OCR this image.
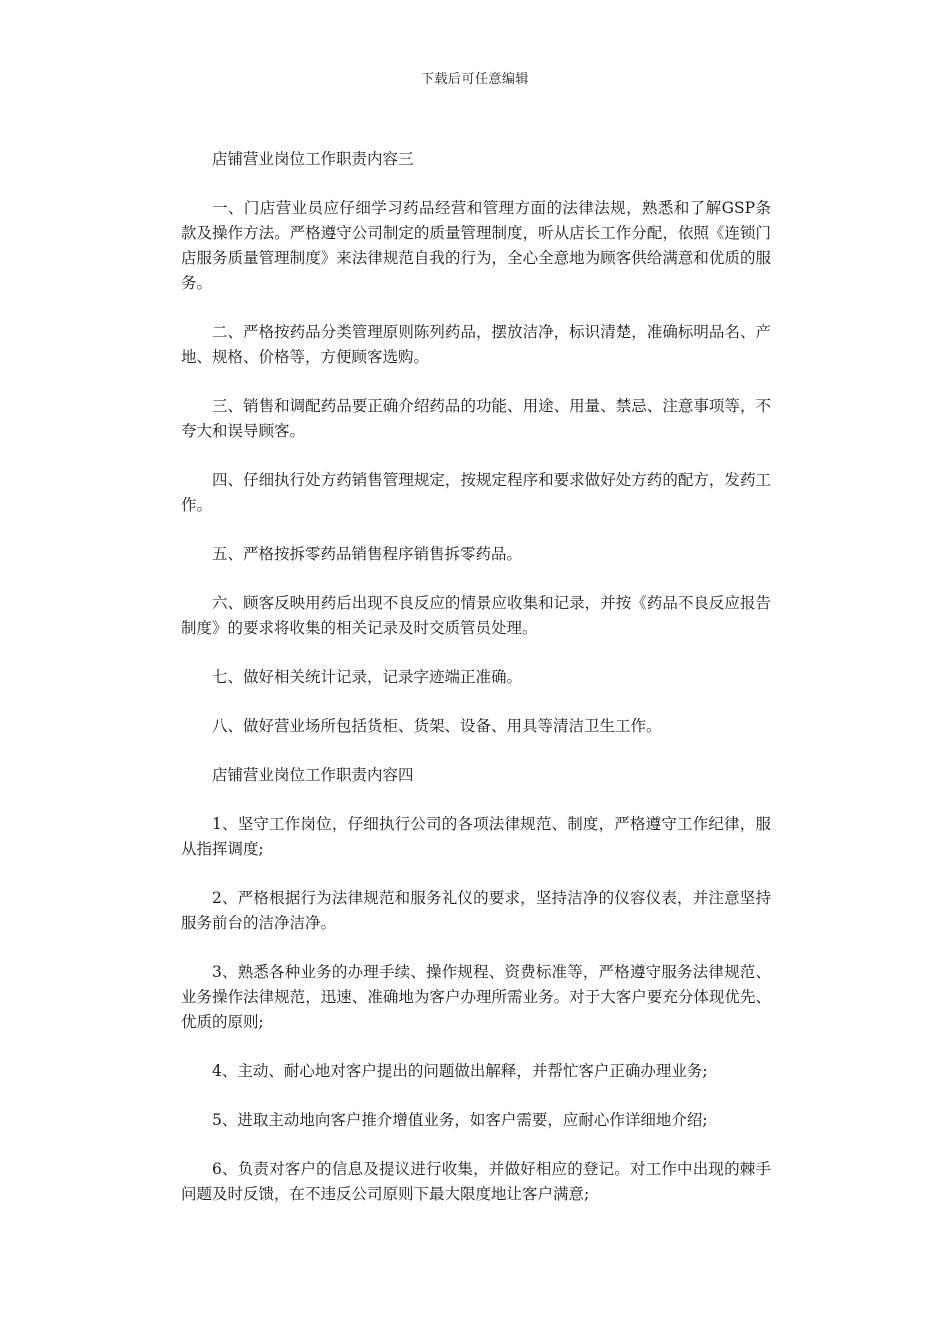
下载后可任意编辑

店铺营业岗位工作职责内容三

一、门店营业员应仔细学习药品经营和管理方面的法律法规，熟悉和了解GSP条款及操作方法。严格遵守公司制定的质量管理制度，听从店长工作分配，依照《连锁门店服务质量管理制度》来法律规范自我的行为，全心全意地为顾客供给满意和优质的服务。

二、严格按药品分类管理原则陈列药品，摆放洁净，标识清楚，准确标明品名、产地、规格、价格等，方便顾客选购。

三、销售和调配药品要正确介绍药品的功能、用途、用量、禁忌、注意事项等，不夸大和误导顾客。

四、仔细执行处方药销售管理规定，按规定程序和要求做好处方药的配方，发药工作。

五、严格按拆零药品销售程序销售拆零药品。

六、顾客反映用药后出现不良反应的情景应收集和记录，并按《药品不良反应报告制度》的要求将收集的相关记录及时交质管员处理。

七、做好相关统计记录，记录字迹端正准确。

八、做好营业场所包括货柜、货架、设备、用具等清洁卫生工作。

店铺营业岗位工作职责内容四

1、坚守工作岗位，仔细执行公司的各项法律规范、制度，严格遵守工作纪律，服从指挥调度;

2、严格根据行为法律规范和服务礼仪的要求，坚持洁净的仪容仪表，并注意坚持服务前台的洁净洁净。

3、熟悉各种业务的办理手续、操作规程、资费标准等，严格遵守服务法律规范、业务操作法律规范，迅速、准确地为客户办理所需业务。对于大客户要充分体现优先、优质的原则;

4、主动、耐心地对客户提出的问题做出解释，并帮忙客户正确办理业务;

5、进取主动地向客户推介增值业务，如客户需要，应耐心作详细地介绍;

6、负责对客户的信息及提议进行收集，并做好相应的登记。对工作中出现的棘手问题及时反馈，在不违反公司原则下最大限度地让客户满意;
